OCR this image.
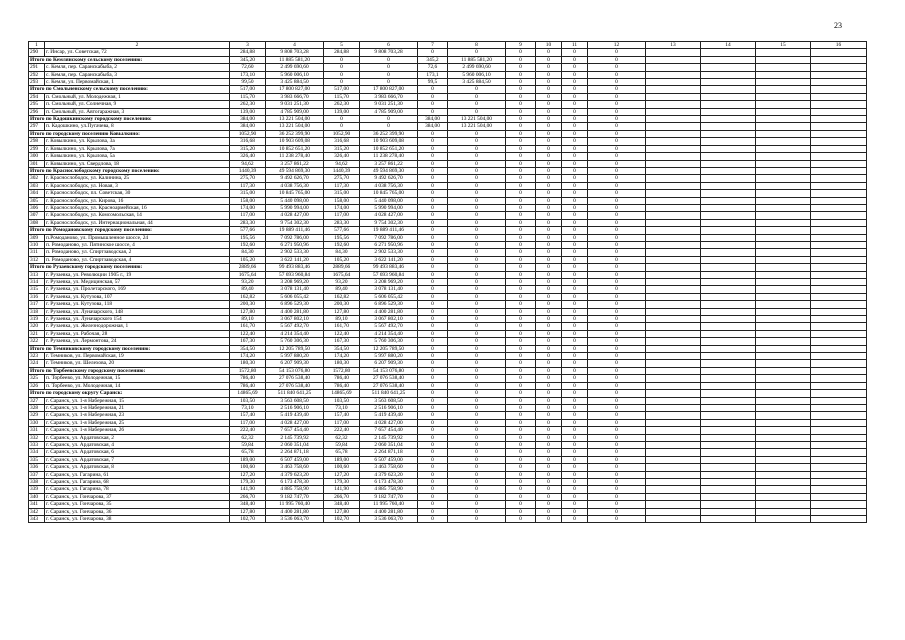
23
1	2	3	4	5	6	7	8	9	10	11	12	13	14	15	16
290	г. Инсар, ул. Советская, 72	284,88	9 808 703,28	284,88	9 808 703,28	0	0	0	0	0	0				
Итого по Кемлянскому сельскому поселению:		345,20	11 885 581,20	0	0	345,2	11 885 581,20	0	0	0	0				
291	с. Кемля, пер. Саранскабыба, 2	72,60	2 499 690,60	0	0	72,6	2 499 690,60	0	0	0	0				
292	с. Кемля, пер. Саранскабыба, 3	173,10	5 960 006,10	0	0	173,1	5 960 006,10	0	0	0	0				
293	с. Кемля, ул. Первомайская, 1	99,50	3 425 884,50	0	0	99,5	3 425 884,50	0	0	0	0				
Итого по Смольненскому сельскому поселению:		517,00	17 800 827,00	517,00	17 800 827,00	0	0	0	0	0	0				
294	п. Смольный, ул. Молодежная, 1	115,70	3 983 666,70	115,70	3 983 666,70	0	0	0	0	0	0				
295	п. Смольный, ул. Солнечная, 9	262,30	9 031 251,30	262,30	9 031 251,30	0	0	0	0	0	0				
296	п. Смольный, ул. Автогаражная, 3	139,00	4 785 909,00	139,00	4 785 909,00	0	0	0	0	0	0				
Итого по Кадошкинскому городскому поселению:		384,00	13 221 504,00	0	0	384,00	13 221 504,00	0	0	0	0				
297	п. Кадошкино, ул.Пугачева, 8	384,00	13 221 504,00	0	0	384,00	13 221 504,00	0	0	0	0				
Итого по городскому поселению Ковылкино:		1052,90	36 252 399,90	1052,90	36 252 399,90	0	0	0	0	0	0				
298	г. Ковылкино, ул. Крылова, 3а	316,68	10 903 609,08	316,68	10 903 609,08	0	0	0	0	0	0				
299	г. Ковылкино, ул. Крылова, 7а	315,20	10 852 651,20	315,20	10 852 651,20	0	0	0	0	0	0				
300	г. Ковылкино, ул. Крылова, 5а	326,40	11 238 278,40	326,40	11 238 278,40	0	0	0	0	0	0				
301	г. Ковылкино, ул. Свердлова, 18	94,62	3 257 861,22	94,62	3 257 861,22	0	0	0	0	0	0				
Итого по Краснослободскому городскому поселению:		1440,39	49 594 869,30	1440,39	49 594 869,30	0	0	0	0	0	0				
302	г. Краснослободск, ул. Калинина, 25	275,70	9 492 626,70	275,70	9 492 626,70	0	0	0	0	0	0				
303	г. Краснослободск, ул. Новая, 3	117,30	4 038 756,30	117,30	4 038 756,30	0	0	0	0	0	0				
304	г. Краснослободск, пл. Советская, 30	315,00	10 845 765,00	315,00	10 845 765,00	0	0	0	0	0	0				
305	г. Краснослободск, ул. Кирова, 16	158,00	5 440 098,00	158,00	5 440 098,00	0	0	0	0	0	0				
306	г. Краснослободск, ул. Красноармейская, 16	174,00	5 990 994,00	174,00	5 990 994,00	0	0	0	0	0	0				
307	г. Краснослободск, ул. Комсомольская, 14	117,00	4 028 427,00	117,00	4 028 427,00	0	0	0	0	0	0				
308	г. Краснослободск, ул. Интернациональная, 44	283,30	9 754 302,30	283,30	9 754 302,30	0	0	0	0	0	0				
Итого по Ромодановскому городскому поселению:		577,66	19 889 411,46	577,66	19 889 411,46	0	0	0	0	0	0				
309	п.Ромоданово, ул. Промышленное шоссе, 24	195,56	7 092 786,00	195,56	7 092 786,00	0	0	0	0	0	0				
310	п. Ромоданово, ул. Пятинское шоссе, 4	192,60	6 271 950,96	192,60	6 271 950,96	0	0	0	0	0	0				
311	п. Ромоданово, ул. Спиртзаводская, 2	84,30	2 902 533,30	84,30	2 902 533,30	0	0	0	0	0	0				
312	п. Ромоданово, ул. Спиртзаводская, 4	105,20	3 622 141,20	105,20	3 622 141,20	0	0	0	0	0	0				
Итого по Рузаевскому городскому поселению:		2889,66	99 493 883,46	2889,66	99 493 883,46	0	0	0	0	0	0				
313	г. Рузаевка, ул. Революции 1905 г., 19	1675,64	57 693 960,84	1675,64	57 693 960,84	0	0	0	0	0	0				
314	г. Рузаевка, ул. Медицинская, 57	93,20	3 208 969,20	93,20	3 208 969,20	0	0	0	0	0	0				
315	г. Рузаевка, ул. Пролетарского, 169	89,40	3 078 131,40	89,40	3 078 131,40	0	0	0	0	0	0				
316	г. Рузаевка, ул. Кутузова, 107	162,82	5 606 055,42	162,82	5 606 055,42	0	0	0	0	0	0				
317	г. Рузаевка, ул. Кутузова, 118	200,30	6 896 529,30	200,30	6 896 529,30	0	0	0	0	0	0				
318	г. Рузаевка, ул. Луначарского, 148	127,80	4 400 281,80	127,80	4 400 281,80	0	0	0	0	0	0				
319	г. Рузаевка, ул. Луначарского 154	89,10	3 067 802,10	89,10	3 067 802,10	0	0	0	0	0	0				
320	г. Рузаевка, ул. Железнодорожная, 1	161,70	5 567 492,70	161,70	5 567 492,70	0	0	0	0	0	0				
321	г. Рузаевка, ул. Рабочая, 28	122,40	4 214 354,40	122,40	4 214 354,40	0	0	0	0	0	0				
322	г. Рузаевка, ул. Лермонтова, 24	167,30	5 760 306,30	167,30	5 760 306,30	0	0	0	0	0	0				
Итого по Темниковскому городскому поселению:		354,50	12 205 789,50	354,50	12 205 789,50	0	0	0	0	0	0				
323	г. Темников, ул. Первомайская, 19	174,20	5 997 880,20	174,20	5 997 880,20	0	0	0	0	0	0				
324	г. Темников, ул. Шелехова, 20	180,30	6 207 909,30	180,30	6 207 909,30	0	0	0	0	0	0				
Итого по Торбеевскому городскому поселению:		1572,80	54 153 076,80	1572,80	54 153 076,80	0	0	0	0	0	0				
325	п. Торбеево, ул. Молодежная, 15	786,40	27 076 538,40	786,40	27 076 538,40	0	0	0	0	0	0				
326	п. Торбеево, ул. Молодежная, 14	786,40	27 076 538,40	786,40	27 076 538,40	0	0	0	0	0	0				
Итого по городскому округу Саранск:		14865,69	511 840 641,25	14865,69	511 840 641,25	0	0	0	0	0	0				
327	г. Саранск, ул. 1-я Набережная, 15	103,50	3 563 608,50	103,50	3 563 608,50	0	0	0	0	0	0				
328	г. Саранск, ул. 1-я Набережная, 21	73,10	2 516 906,10	73,10	2 516 906,10	0	0	0	0	0	0				
329	г. Саранск, ул. 1-я Набережная, 23	157,40	5 419 439,40	157,40	5 419 439,40	0	0	0	0	0	0				
330	г. Саранск, ул. 1-я Набережная, 25	117,00	4 028 427,00	117,00	4 028 427,00	0	0	0	0	0	0				
331	г. Саранск, ул. 1-я Набережная, 26	222,40	7 657 454,40	222,40	7 657 454,40	0	0	0	0	0	0				
332	г. Саранск, ул. Ардатовская, 2	62,32	2 145 739,92	62,32	2 145 739,92	0	0	0	0	0	0				
333	г. Саранск, ул. Ардатовская, 4	59,84	2 060 351,04	59,84	2 060 351,04	0	0	0	0	0	0				
334	г. Саранск, ул. Ардатовская, 6	65,78	2 264 871,18	65,78	2 264 871,18	0	0	0	0	0	0				
335	г. Саранск, ул. Ардатовская, 7	189,00	6 507 459,00	189,00	6 507 459,00	0	0	0	0	0	0				
336	г. Саранск, ул. Ардатовская, 8	100,60	3 463 758,60	100,60	3 463 758,60	0	0	0	0	0	0				
337	г. Саранск, ул. Гагарина, 61	127,20	4 379 623,20	127,20	4 379 623,20	0	0	0	0	0	0				
338	г. Саранск, ул. Гагарина, 68	179,30	6 173 478,30	179,30	6 173 478,30	0	0	0	0	0	0				
339	г. Саранск, ул. Гагарина, 78	141,90	4 885 758,90	141,90	4 885 758,90	0	0	0	0	0	0				
340	г. Саранск, ул. Гончарова, 37	266,70	9 182 747,70	266,70	9 182 747,70	0	0	0	0	0	0				
341	г. Саранск, ул. Гончарова, 35	348,40	11 995 760,40	348,40	11 995 760,40	0	0	0	0	0	0				
342	г. Саранск, ул. Гончарова, 36	127,80	4 400 281,80	127,80	4 400 281,80	0	0	0	0	0	0				
343	г. Саранск, ул. Гончарова, 38	102,70	3 536 063,70	102,70	3 536 063,70	0	0	0	0	0	0				
